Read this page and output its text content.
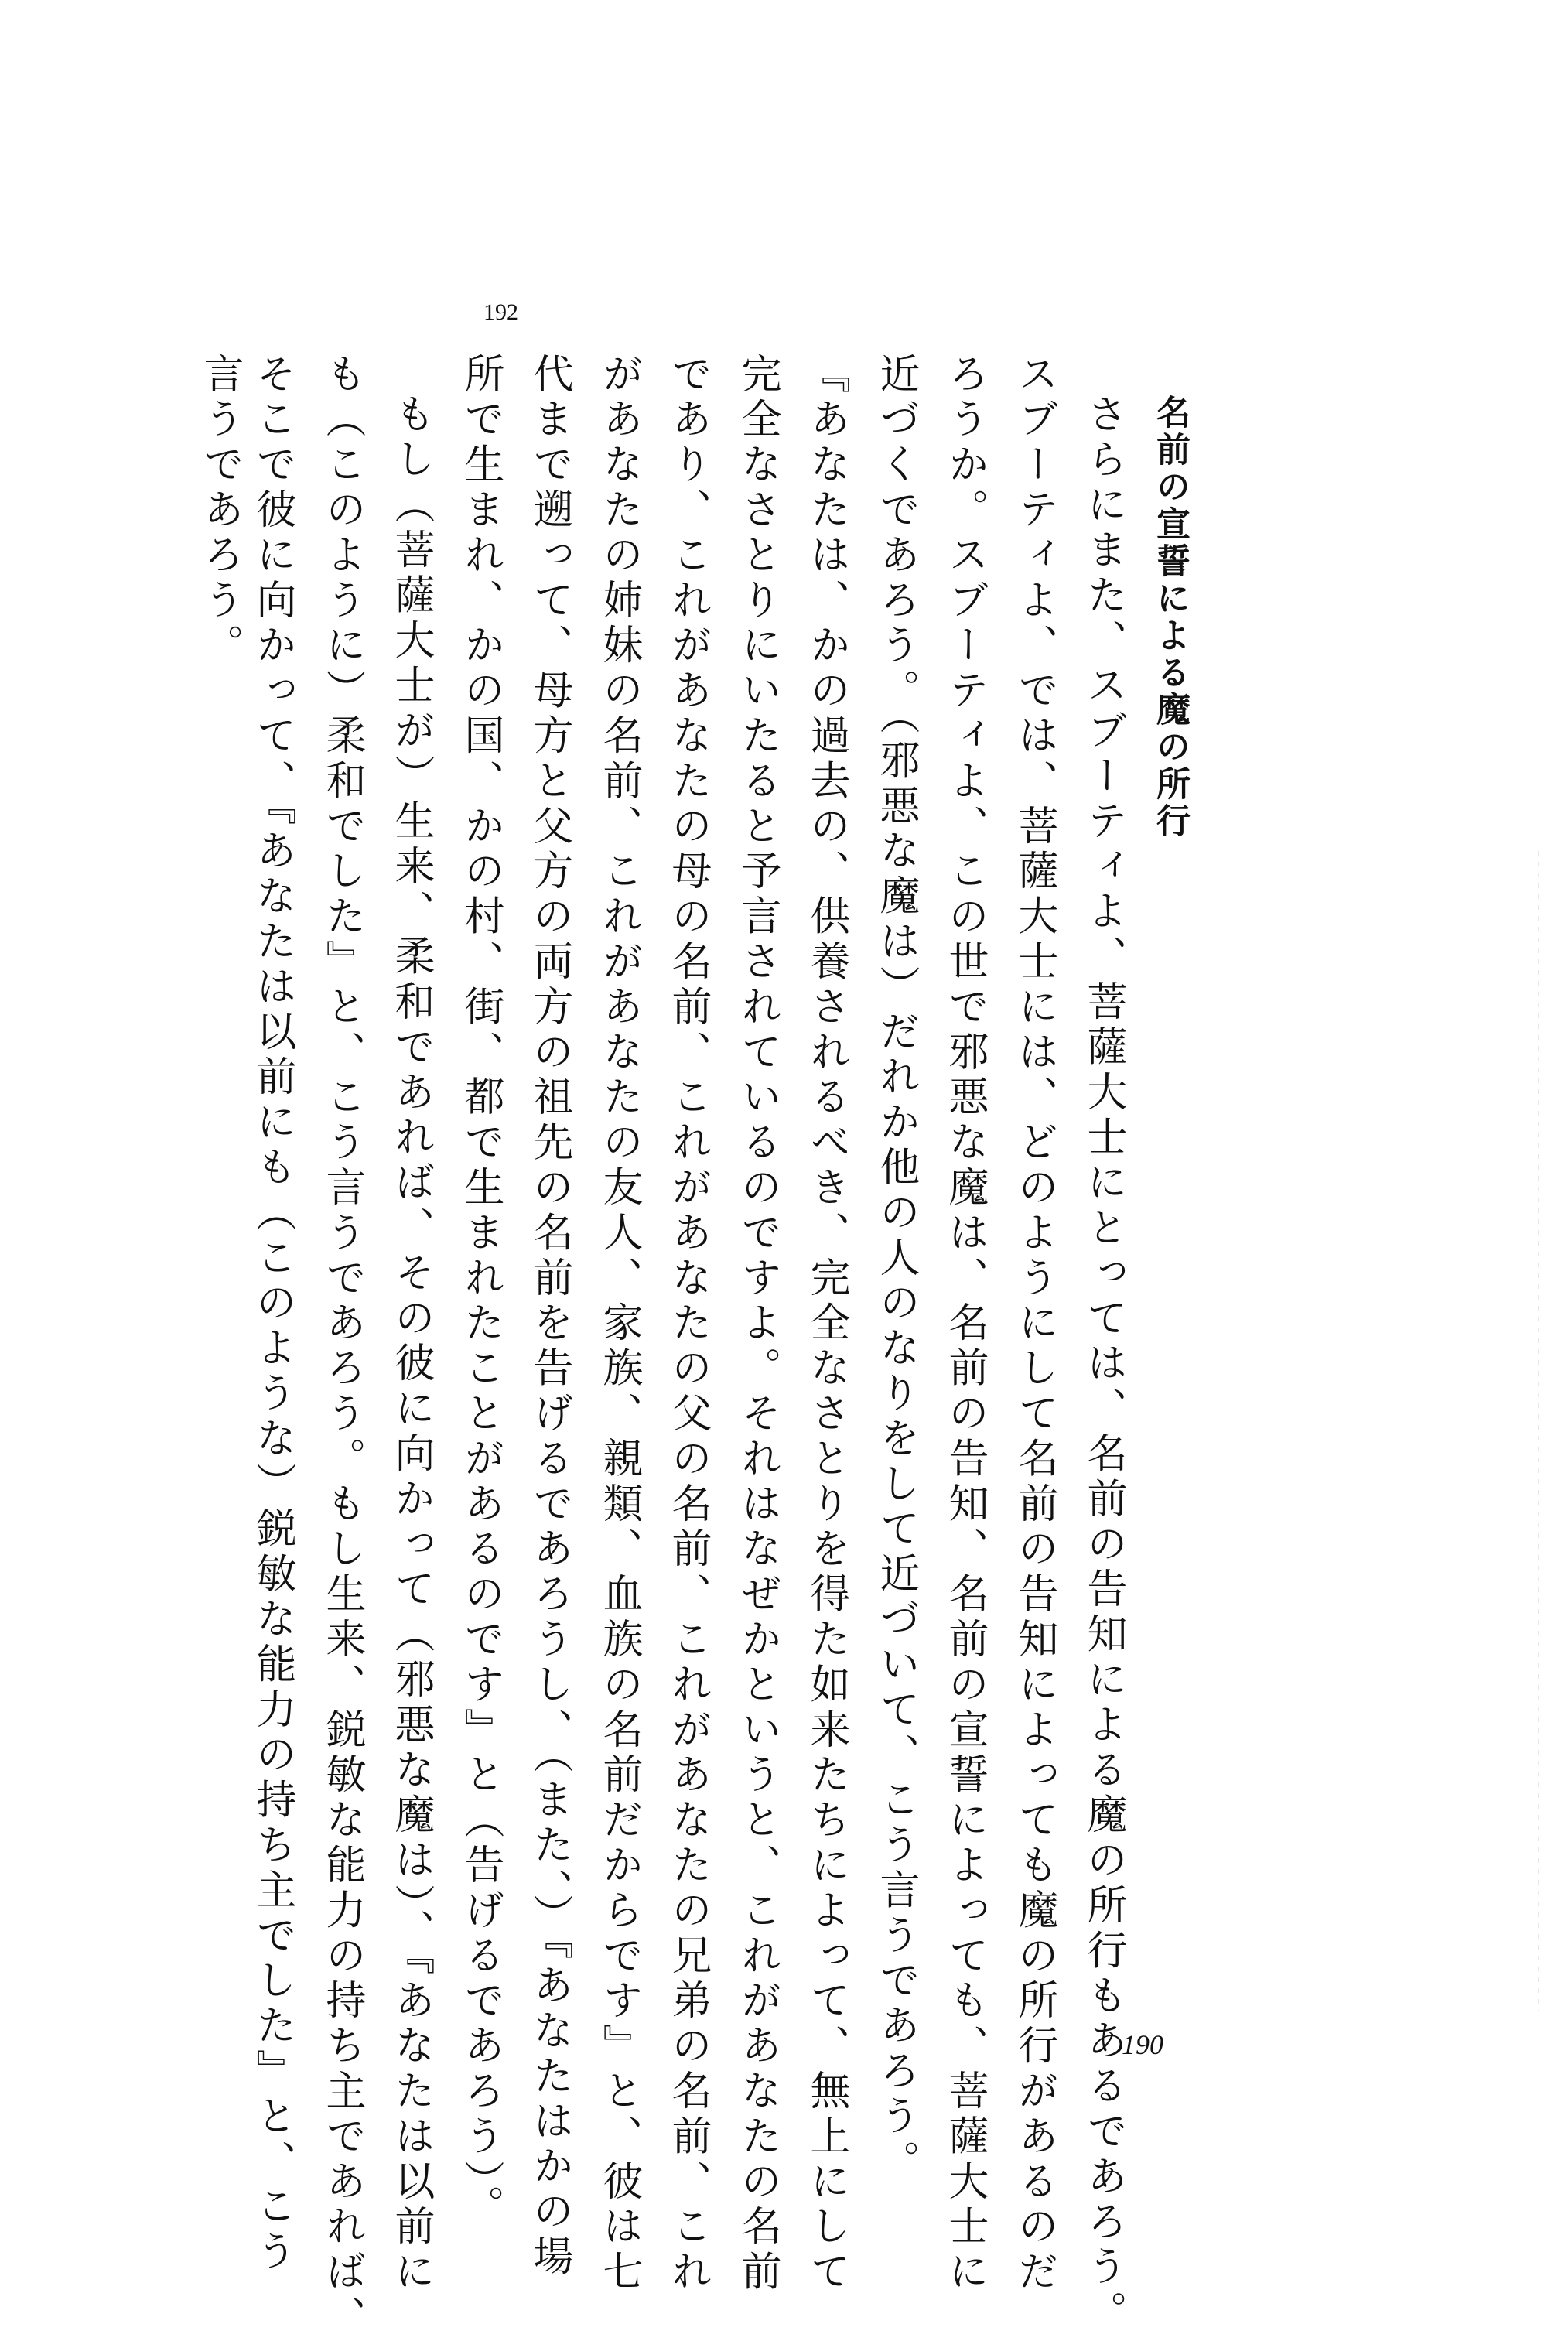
名前の宣誓による魔の所行
さらにまた、スブーティよ、菩薩大士にとっては、名前の告知による魔の所行もあるであろう。
スブーティよ、では、菩薩大士には、どのようにして名前の告知によっても魔の所行があるのだ
ろうか。スブーティよ、この世で邪悪な魔は、名前の告知、名前の宣誓によっても、菩薩大士に
近づくであろう。（邪悪な魔は）だれか他の人のなりをして近づいて、こう言うであろう。
『あなたは、かの過去の、供養されるべき、完全なさとりを得た如来たちによって、無上にして
完全なさとりにいたると予言されているのですよ。それはなぜかというと、これがあなたの名前
であり、これがあなたの母の名前、これがあなたの父の名前、これがあなたの兄弟の名前、これ
があなたの姉妹の名前、これがあなたの友人、家族、親類、血族の名前だからです』と、彼は七
代まで遡って、母方と父方の両方の祖先の名前を告げるであろうし、（また、）『あなたはかの場
所で生まれ、かの国、かの村、街、都で生まれたことがあるのです』と（告げるであろう）。
もし（菩薩大士が）生来、柔和であれば、その彼に向かって（邪悪な魔は）、『あなたは以前に
も（このように）柔和でした』と、こう言うであろう。もし生来、鋭敏な能力の持ち主であれば、
そこで彼に向かって、『あなたは以前にも（このような）鋭敏な能力の持ち主でした』と、こう
言うであろう。
192
190
